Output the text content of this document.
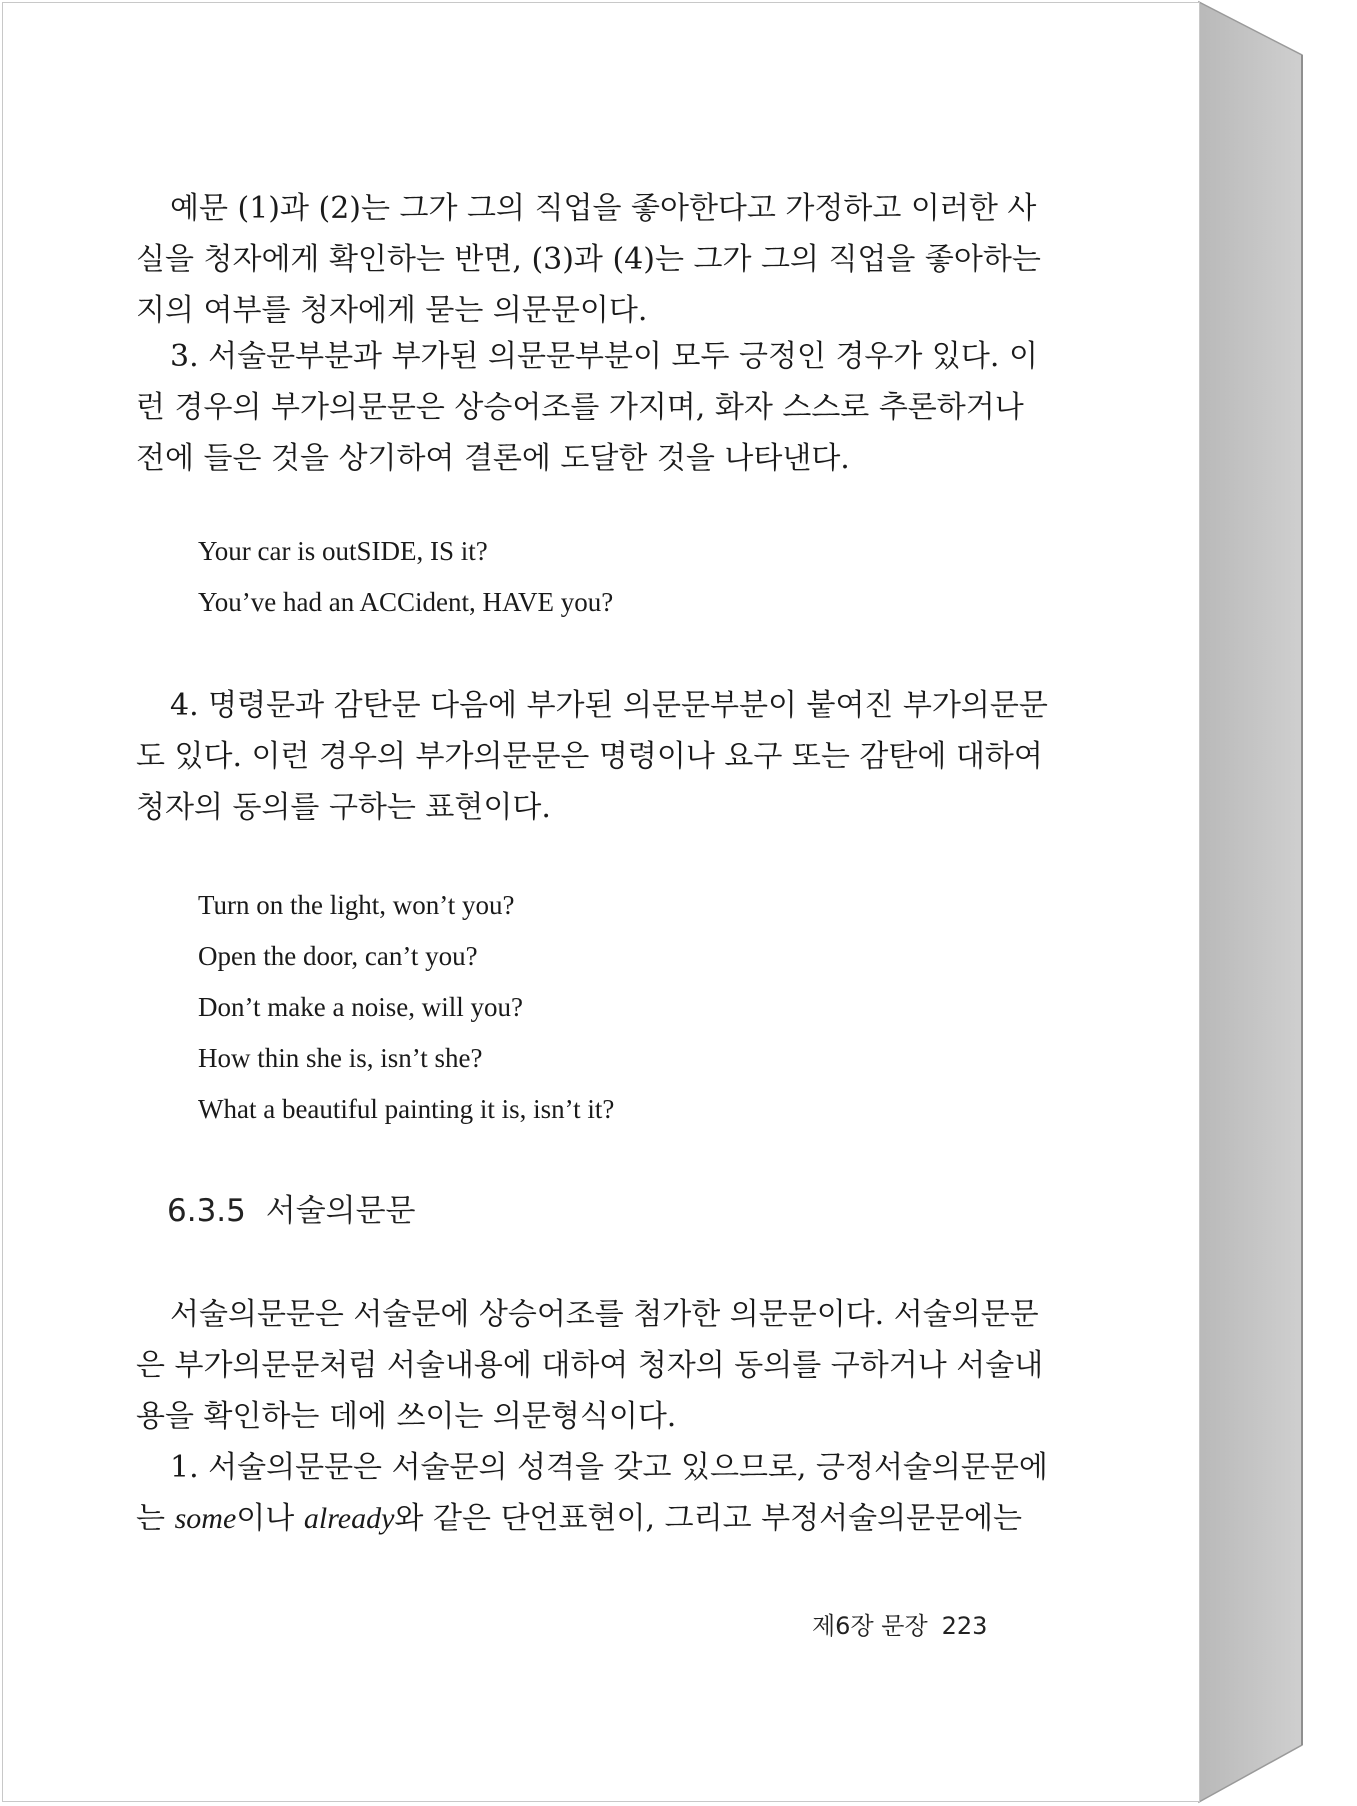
예문 (1)과 (2)는 그가 그의 직업을 좋아한다고 가정하고 이러한 사
실을 청자에게 확인하는 반면, (3)과 (4)는 그가 그의 직업을 좋아하는
지의 여부를 청자에게 묻는 의문문이다.
3. 서술문부분과 부가된 의문문부분이 모두 긍정인 경우가 있다. 이
런 경우의 부가의문문은 상승어조를 가지며, 화자 스스로 추론하거나
전에 들은 것을 상기하여 결론에 도달한 것을 나타낸다.
Your car is outSIDE, IS it?
You’ve had an ACCident, HAVE you?
4. 명령문과 감탄문 다음에 부가된 의문문부분이 붙여진 부가의문문
도 있다. 이런 경우의 부가의문문은 명령이나 요구 또는 감탄에 대하여
청자의 동의를 구하는 표현이다.
Turn on the light, won’t you?
Open the door, can’t you?
Don’t make a noise, will you?
How thin she is, isn’t she?
What a beautiful painting it is, isn’t it?
6.3.5 서술의문문
서술의문문은 서술문에 상승어조를 첨가한 의문문이다. 서술의문문
은 부가의문문처럼 서술내용에 대하여 청자의 동의를 구하거나 서술내
용을 확인하는 데에 쓰이는 의문형식이다.
1. 서술의문문은 서술문의 성격을 갖고 있으므로, 긍정서술의문문에
는 some이나 already와 같은 단언표현이, 그리고 부정서술의문문에는
제6장 문장 223
